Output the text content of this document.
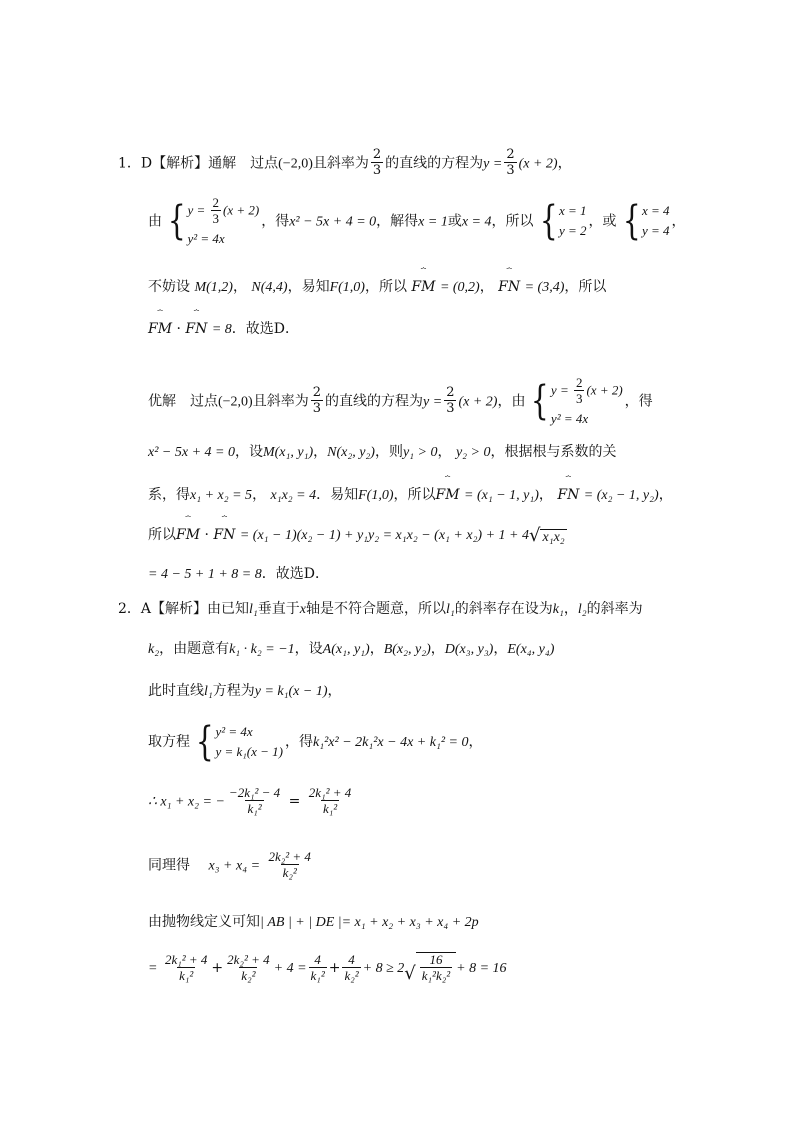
1．D【解析】通解　过点(−2,0)且斜率为 $\frac{2}{3}$ 的直线的方程为$y = \frac{2}{3} (x + 2)$，
由 { $y = \frac{2}{3} (x + 2)$
y² = 4x
，得x² − 5x + 4 = 0，解得x = 1或x = 4，所以 { x = 1
y = 2
，或 { x = 4
y = 4
，
不妨设 M(1,2)， N(4,4)，易知F(1,0)，所以 ⏞ FM = (0,2)， ⏞ FN = (3,4)，所以
⏞ FM · ⏞ FN = 8．故选D．
优解　过点(−2,0)且斜率为 $\frac{2}{3}$ 的直线的方程为$y = \frac{2}{3} (x + 2)$，由 { $y = \frac{2}{3} (x + 2)$
y² = 4x
，得
x² − 5x + 4 = 0，设M(x₁, y₁)，N(x₂, y₂)，则y₁ > 0， y₂ > 0，根据根与系数的关
系，得x₁ + x₂ = 5， x₁x₂ = 4．易知F(1,0)，所以⏞ FM = (x₁ − 1, y₁)， ⏞ FN = (x₂ − 1, y₂)，
所以⏞ FM · ⏞ FN = (x₁ − 1)(x₂ − 1) + y₁y₂ = x₁x₂ − (x₁ + x₂) + 1 + 4 √ x₁x₂
= 4 − 5 + 1 + 8 = 8．故选D．
2．A【解析】由已知l₁垂直于x轴是不符合题意，所以l₁的斜率存在设为k₁，l₂的斜率为
k₂，由题意有k₁ · k₂ = −1，设A(x₁, y₁)，B(x₂, y₂)，D(x₃, y₃)，E(x₄, y₄)
此时直线l₁方程为y = k₁(x − 1)，
取方程 { y² = 4x
y = k₁(x − 1)
，得k₁²x² − 2k₁²x − 4x + k₁² = 0，
∴ x₁ + x₂ = − $\frac{\text{−2k₁² − 4}}{\text{k₁²}} = \frac{\text{2k₁² + 4}}{\text{k₁²}}$
同理得　 $x_3 + x_4 = \frac{\text{2k₂² + 4}}{\text{k₂²}}$
由抛物线定义可知| AB | + | DE |= x₁ + x₂ + x₃ + x₄ + 2p
= $\frac{\text{2k₁² + 4}}{\text{k₁²}} + \frac{\text{2k₂² + 4}}{\text{k₂²}} + 4 = \frac{4}{\text{k₁²}} + \frac{4}{\text{k₂²}} + 8 \ge 2$ √ $\frac{16}{\text{k₁²k₂²}} + 8 = 16$
